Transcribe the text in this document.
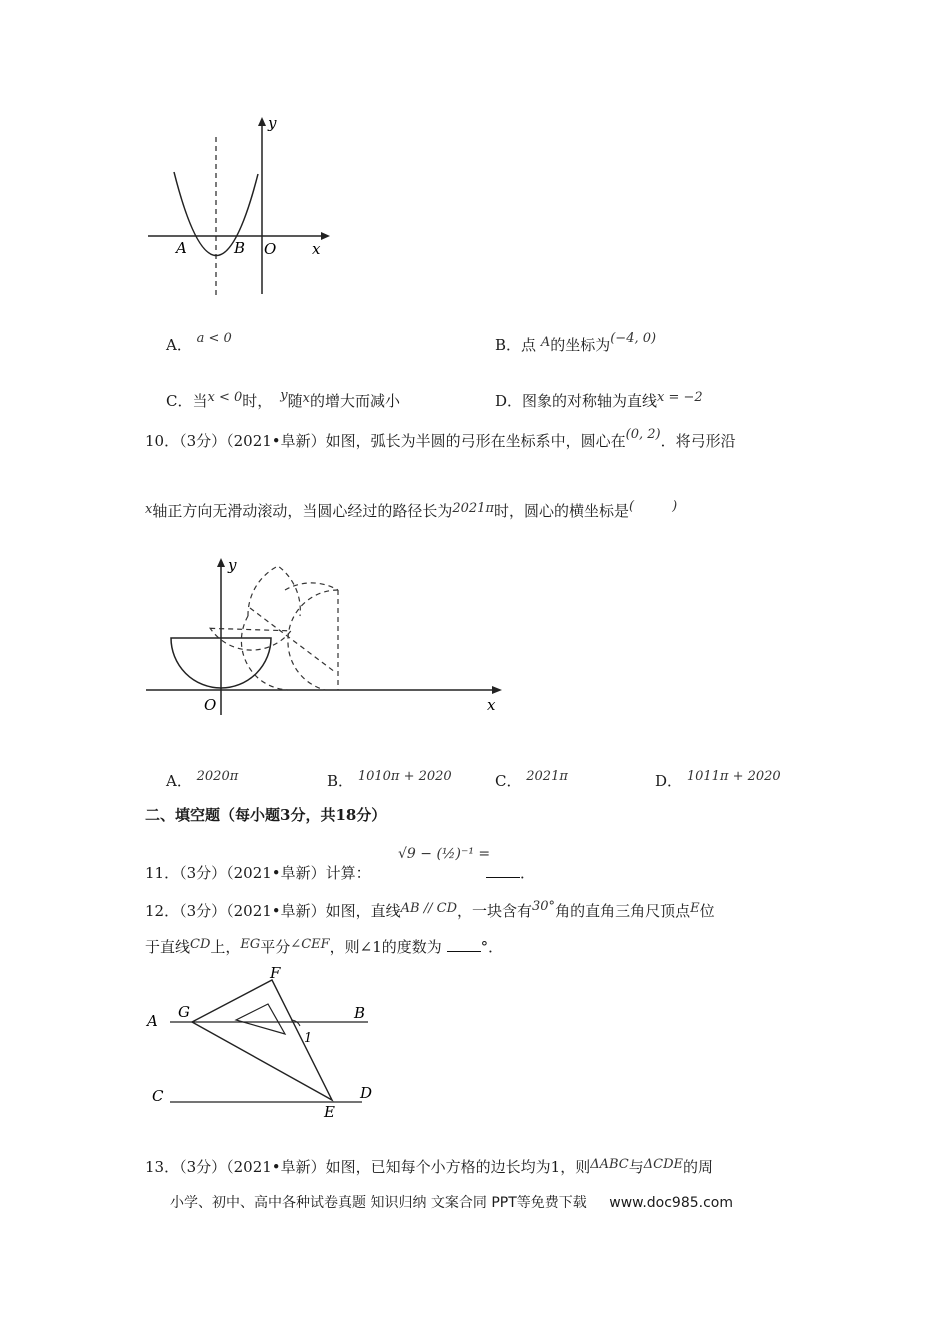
y
x
A	B O
A． a < 0	B．点 A的坐标为(−4, 0)
C．当x < 0时， y随x的增大而减小	D．图象的对称轴为直线x = −2
10．（3分）（2021•阜新）如图，弧长为半圆的弓形在坐标系中，圆心在(0, 2)．将弓形沿
x轴正方向无滑动滚动，当圆心经过的路径长为2021π时，圆心的横坐标是(	)
y
x
O
A． 2020π	B． 1010π + 2020	C． 2021π	D． 1011π + 2020
二、填空题（每小题3分，共18分）
11．（3分）（2021•阜新）计算：
√9 − (½)⁻¹ =
．
12．（3分）（2021•阜新）如图，直线AB // CD，一块含有30°角的直角三角尺顶点E位
于直线CD上，EG平分∠CEF，则∠1的度数为	°．
A G
F
B
1
C
E
D
13．（3分）（2021•阜新）如图，已知每个小方格的边长均为1，则ΔABC与ΔCDE的周
小学、初中、高中各种试卷真题 知识归纳 文案合同 PPT等免费下载 www.doc985.com
